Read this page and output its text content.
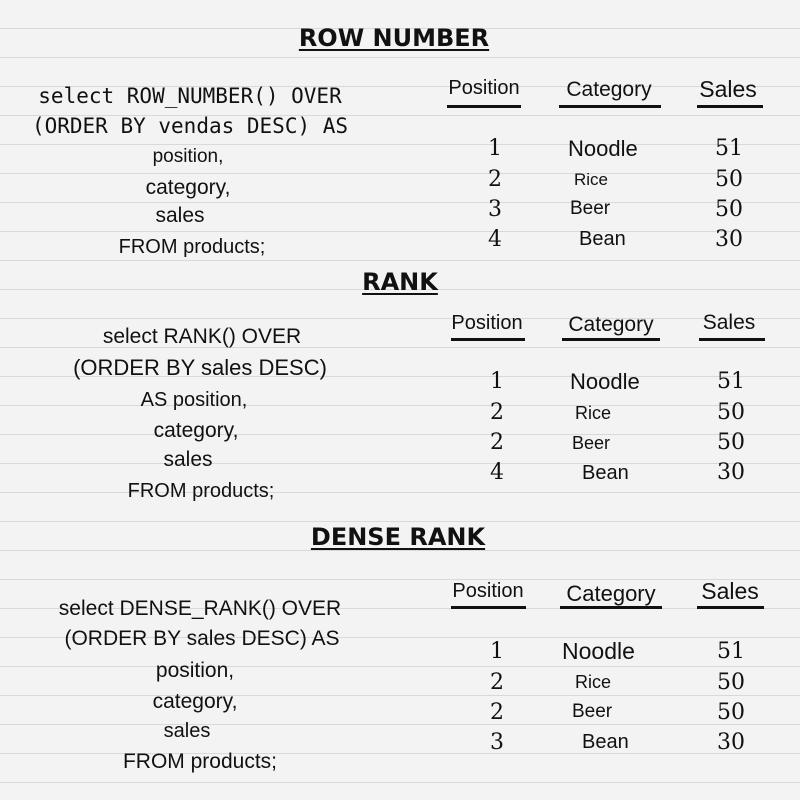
ROW NUMBER
select ROW_NUMBER() OVER
(ORDER BY vendas DESC) AS
position,
category,
sales
FROM products;
Position Category Sales
1	Noodle	51
2	Rice	50
3	Beer	50
4	Bean	30
RANK
select RANK() OVER
(ORDER BY sales DESC)
AS position,
category,
sales
FROM products;
Position Category Sales
1	Noodle	51
2	Rice	50
2	Beer	50
4	Bean	30
DENSE RANK
select DENSE_RANK() OVER
(ORDER BY sales DESC) AS
position,
category,
sales
FROM products;
Position Category Sales
1	Noodle	51
2	Rice	50
2	Beer	50
3	Bean	30
